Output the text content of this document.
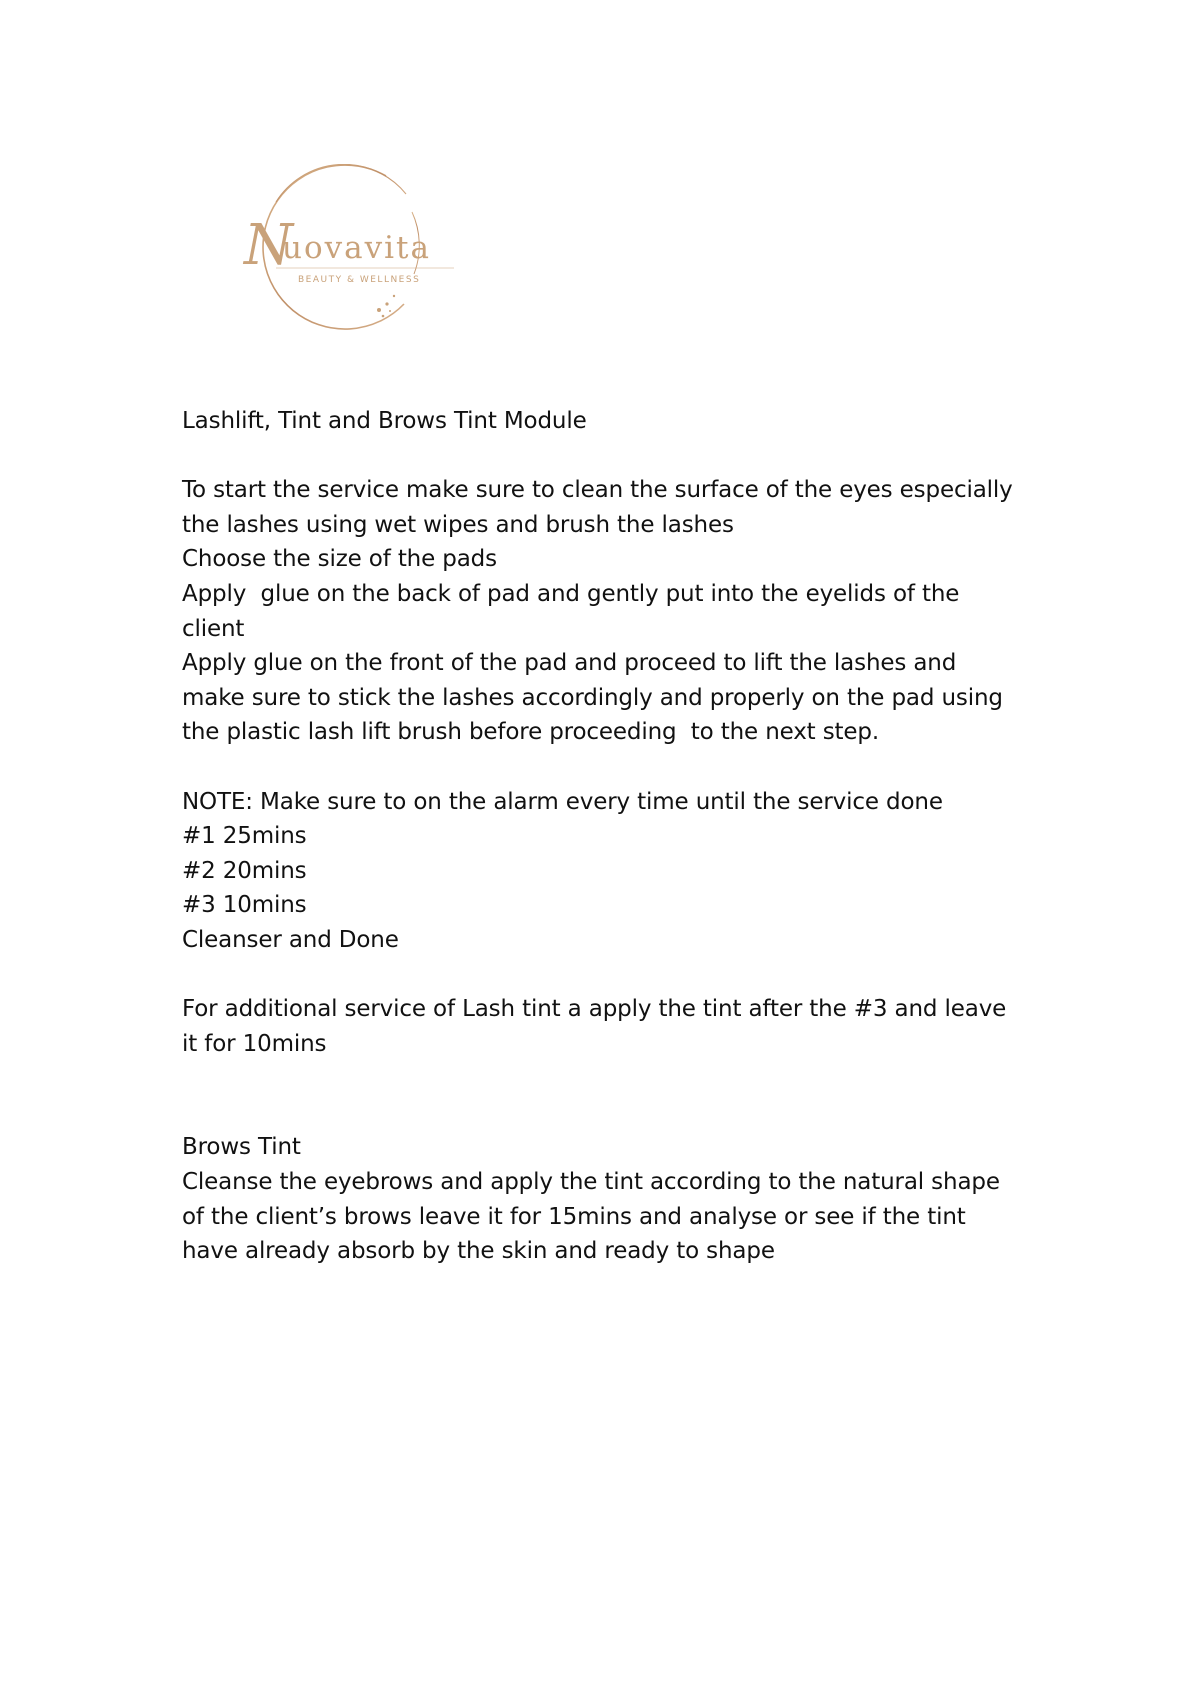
N
uovavita
BEAUTY & WELLNESS
Lashlift, Tint and Brows Tint Module
To start the service make sure to clean the surface of the eyes especially
the lashes using wet wipes and brush the lashes
Choose the size of the pads
Apply  glue on the back of pad and gently put into the eyelids of the
client
Apply glue on the front of the pad and proceed to lift the lashes and
make sure to stick the lashes accordingly and properly on the pad using
the plastic lash lift brush before proceeding  to the next step.
NOTE: Make sure to on the alarm every time until the service done
#1 25mins
#2 20mins
#3 10mins
Cleanser and Done
For additional service of Lash tint a apply the tint after the #3 and leave
it for 10mins
Brows Tint
Cleanse the eyebrows and apply the tint according to the natural shape
of the client’s brows leave it for 15mins and analyse or see if the tint
have already absorb by the skin and ready to shape
